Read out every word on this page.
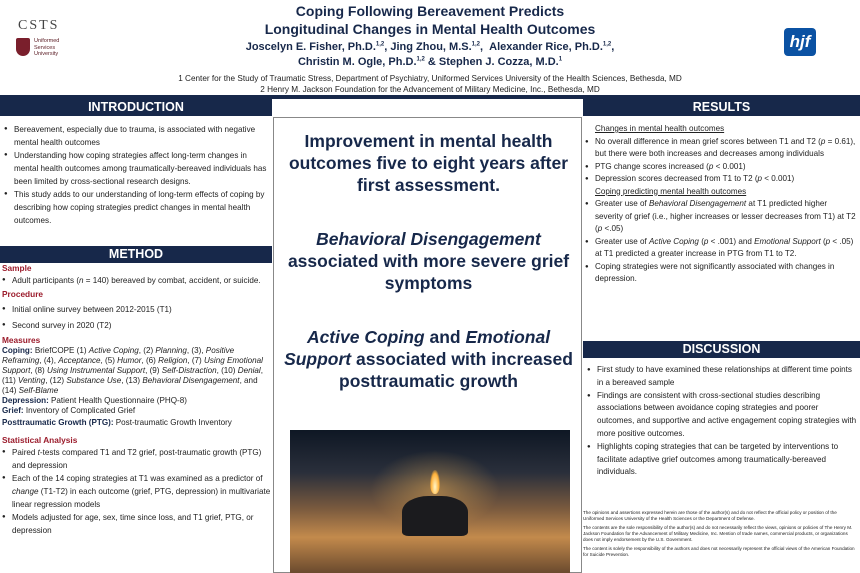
CSTS
Uniformed Services University
Coping Following Bereavement Predicts
Longitudinal Changes in Mental Health Outcomes
Joscelyn E. Fisher, Ph.D.$^{1,2}$, Jing Zhou, M.S.$^{1,2}$,  Alexander Rice, Ph.D.$^{1,2}$,
Christin M. Ogle, Ph.D.$^{1,2}$ & Stephen J. Cozza, M.D.$^1$
1 Center for the Study of Traumatic Stress, Department of Psychiatry, Uniformed Services University of the Health Sciences, Bethesda, MD
2 Henry M. Jackson Foundation for the Advancement of Military Medicine, Inc., Bethesda, MD
hjf
INTRODUCTION
● Bereavement, especially due to trauma, is associated with negative mental health outcomes
● Understanding how coping strategies affect long-term changes in mental health outcomes among traumatically-bereaved individuals has been limited by cross-sectional research designs.
● This study adds to our understanding of long-term effects of coping by describing how coping strategies predict changes in mental health outcomes.
METHOD
Sample
● Adult participants (n = 140) bereaved by combat, accident, or suicide.
Procedure
● Initial online survey between 2012-2015 (T1)
● Second survey in 2020 (T2)
Measures
Coping: BriefCOPE (1) Active Coping, (2) Planning, (3), Positive Reframing, (4), Acceptance, (5) Humor, (6) Religion, (7) Using Emotional Support, (8) Using Instrumental Support, (9) Self-Distraction, (10) Denial, (11) Venting, (12) Substance Use, (13) Behavioral Disengagement, and (14) Self-Blame
Depression: Patient Health Questionnaire (PHQ-8)
Grief: Inventory of Complicated Grief
Posttraumatic Growth (PTG): Post-traumatic Growth Inventory
Statistical Analysis
● Paired t-tests compared T1 and T2 grief, post-traumatic growth (PTG) and depression
● Each of the 14 coping strategies at T1 was examined as a predictor of change (T1-T2) in each outcome (grief, PTG, depression) in multivariate linear regression models
● Models adjusted for age, sex, time since loss, and T1 grief, PTG, or depression
Improvement in mental health outcomes five to eight years after first assessment.
Behavioral Disengagement associated with more severe grief symptoms
Active Coping and Emotional Support associated with increased posttraumatic growth
RESULTS
Changes in mental health outcomes
● No overall difference in mean grief scores between T1 and T2 (p = 0.61), but there were both increases and decreases among individuals
● PTG change scores increased (p < 0.001)
● Depression scores decreased from T1 to T2 (p < 0.001)
Coping predicting mental health outcomes
● Greater use of Behavioral Disengagement at T1 predicted higher severity of grief (i.e., higher increases or lesser decreases from T1) at T2 (p <.05)
● Greater use of Active Coping (p < .001) and Emotional Support (p < .05) at T1 predicted a greater increase in PTG from T1 to T2.
● Coping strategies were not significantly associated with changes in depression.
DISCUSSION
● First study to have examined these relationships at different time points in a bereaved sample
● Findings are consistent with cross-sectional studies describing associations between avoidance coping strategies and poorer outcomes, and supportive and active engagement coping strategies with more positive outcomes.
● Highlights coping strategies that can be targeted by interventions to facilitate adaptive grief outcomes among traumatically-bereaved individuals.

The opinions and assertions expressed herein are those of the author(s) and do not reflect the official policy or position of the Uniformed Services University of the Health Sciences or the Department of Defense.

The contents are the sole responsibility of the author(s) and do not necessarily reflect the views, opinions or policies of The Henry M. Jackson Foundation for the Advancement of Military Medicine, Inc. Mention of trade names, commercial products, or organizations does not imply endorsement by the U.S. Government.

The content is solely the responsibility of the authors and does not necessarily represent the official views of the American Foundation for Suicide Prevention.
